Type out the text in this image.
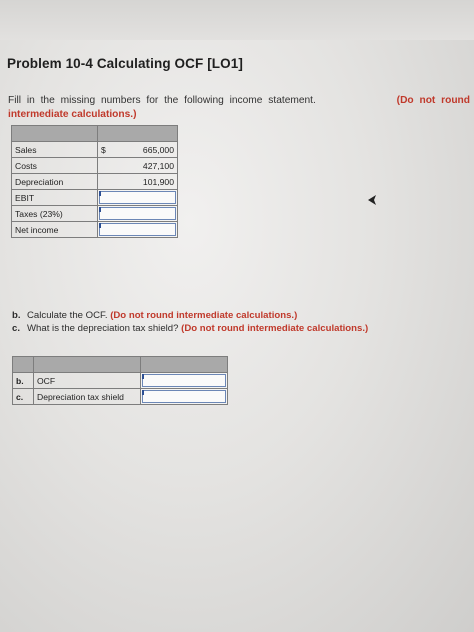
Problem 10-4 Calculating OCF [LO1]
Fill in the missing numbers for the following income statement.	(Do not round
intermediate calculations.)

Sales	$	665,000
Costs		427,100
Depreciation		101,900
EBIT		

Taxes (23%)		

Net income		
b. Calculate the OCF.
(Do not round intermediate calculations.)
c. What is the depreciation tax shield?
(Do not round intermediate calculations.)

b.	OCF	

c.	Depreciation tax shield	
